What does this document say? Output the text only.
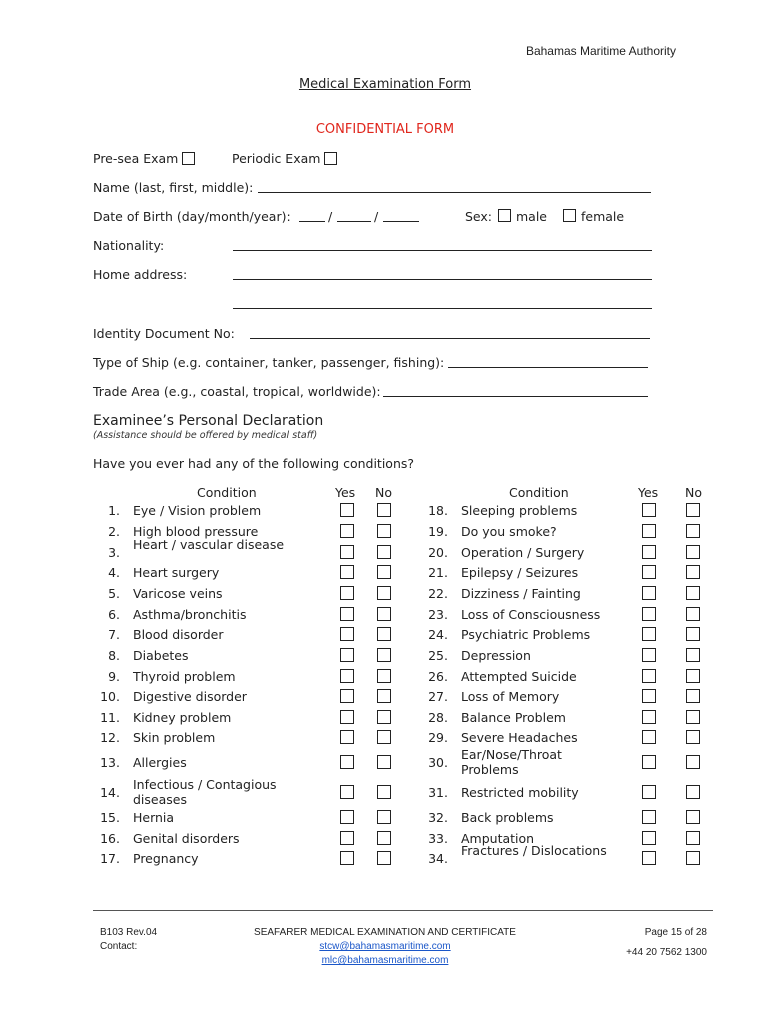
Bahamas Maritime Authority
Medical Examination Form
CONFIDENTIAL FORM
Pre-sea Exam	Periodic Exam
Name (last, first, middle):
Date of Birth (day/month/year):	/	/	Sex: male	female
Nationality:
Home address:
Identity Document No:
Type of Ship (e.g. container, tanker, passenger, fishing):
Trade Area (e.g., coastal, tropical, worldwide):
Examinee’s Personal Declaration
(Assistance should be offered by medical staff)
Have you ever had any of the following conditions?
Condition	Yes No	Condition	Yes No
1. Eye / Vision problem
2. High blood pressure
3.
Heart / vascular disease
4. Heart surgery
5. Varicose veins
6. Asthma/bronchitis
7. Blood disorder
8. Diabetes
9. Thyroid problem
10. Digestive disorder
11. Kidney problem
12. Skin problem
13. Allergies
14.
Infectious / Contagious diseases
15. Hernia
16. Genital disorders
17. Pregnancy
18. Sleeping problems
19. Do you smoke?
20. Operation / Surgery
21. Epilepsy / Seizures
22. Dizziness / Fainting
23. Loss of Consciousness
24. Psychiatric Problems
25. Depression
26. Attempted Suicide
27. Loss of Memory
28. Balance Problem
29. Severe Headaches
30.
Ear/Nose/Throat Problems
31. Restricted mobility
32. Back problems
33. Amputation
34.
Fractures / Dislocations
B103 Rev.04
Contact:
SEAFARER MEDICAL EXAMINATION AND CERTIFICATE
stcw@bahamasmaritime.com
mlc@bahamasmaritime.com
Page 15 of 28
+44 20 7562 1300
